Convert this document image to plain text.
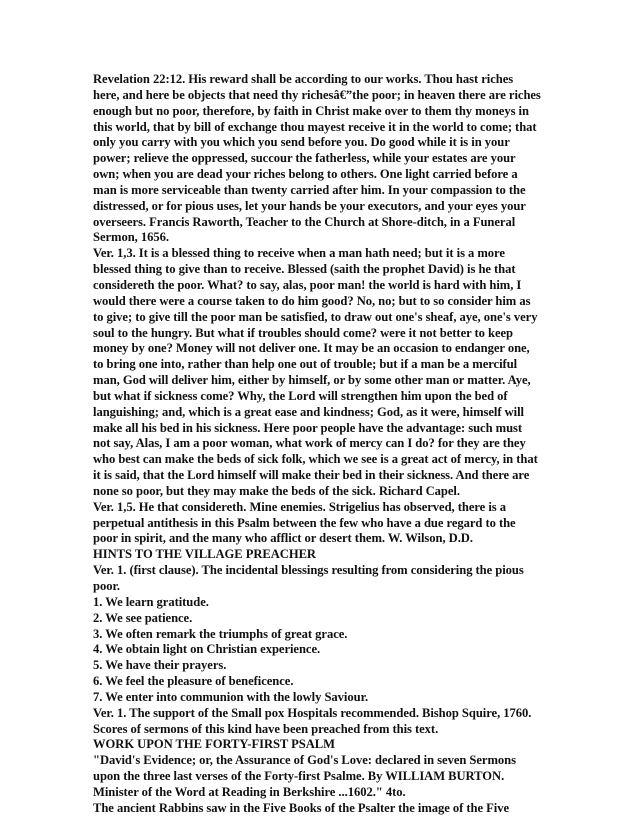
Revelation 22:12. His reward shall be according to our works. Thou hast riches
here, and here be objects that need thy richesâ€”the poor; in heaven there are riches
enough but no poor, therefore, by faith in Christ make over to them thy moneys in
this world, that by bill of exchange thou mayest receive it in the world to come; that
only you carry with you which you send before you. Do good while it is in your
power; relieve the oppressed, succour the fatherless, while your estates are your
own; when you are dead your riches belong to others. One light carried before a
man is more serviceable than twenty carried after him. In your compassion to the
distressed, or for pious uses, let your hands be your executors, and your eyes your
overseers. Francis Raworth, Teacher to the Church at Shore-ditch, in a Funeral
Sermon, 1656.
Ver. 1,3. It is a blessed thing to receive when a man hath need; but it is a more
blessed thing to give than to receive. Blessed (saith the prophet David) is he that
considereth the poor. What? to say, alas, poor man! the world is hard with him, I
would there were a course taken to do him good? No, no; but to so consider him as
to give; to give till the poor man be satisfied, to draw out one's sheaf, aye, one's very
soul to the hungry. But what if troubles should come? were it not better to keep
money by one? Money will not deliver one. It may be an occasion to endanger one,
to bring one into, rather than help one out of trouble; but if a man be a merciful
man, God will deliver him, either by himself, or by some other man or matter. Aye,
but what if sickness come? Why, the Lord will strengthen him upon the bed of
languishing; and, which is a great ease and kindness; God, as it were, himself will
make all his bed in his sickness. Here poor people have the advantage: such must
not say, Alas, I am a poor woman, what work of mercy can I do? for they are they
who best can make the beds of sick folk, which we see is a great act of mercy, in that
it is said, that the Lord himself will make their bed in their sickness. And there are
none so poor, but they may make the beds of the sick. Richard Capel.
Ver. 1,5. He that considereth. Mine enemies. Strigelius has observed, there is a
perpetual antithesis in this Psalm between the few who have a due regard to the
poor in spirit, and the many who afflict or desert them. W. Wilson, D.D.
HINTS TO THE VILLAGE PREACHER
Ver. 1. (first clause). The incidental blessings resulting from considering the pious
poor.
1. We learn gratitude.
2. We see patience.
3. We often remark the triumphs of great grace.
4. We obtain light on Christian experience.
5. We have their prayers.
6. We feel the pleasure of beneficence.
7. We enter into communion with the lowly Saviour.
Ver. 1. The support of the Small pox Hospitals recommended. Bishop Squire, 1760.
Scores of sermons of this kind have been preached from this text.
WORK UPON THE FORTY-FIRST PSALM
"David's Evidence; or, the Assurance of God's Love: declared in seven Sermons
upon the three last verses of the Forty-first Psalme. By WILLIAM BURTON.
Minister of the Word at Reading in Berkshire ...1602." 4to.
The ancient Rabbins saw in the Five Books of the Psalter the image of the Five
